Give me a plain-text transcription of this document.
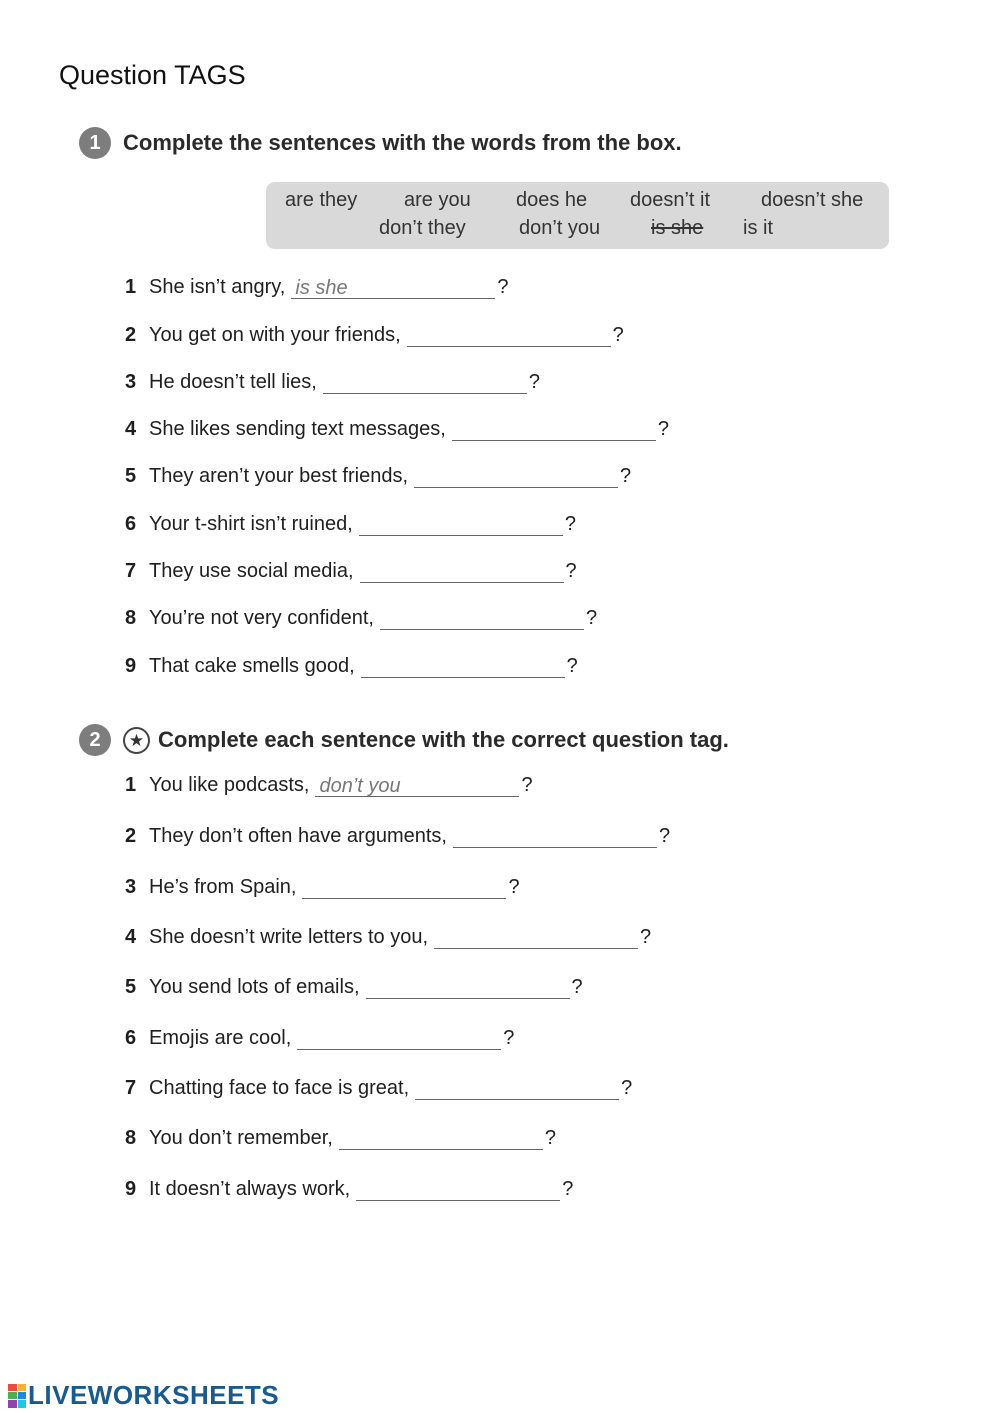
Question TAGS
1	Complete the sentences with the words from the box.
are they are you does he doesn’t it	doesn’t she
don’t they	don’t you	is she is it
1 She isn’t angry, is she	?
2 You get on with your friends,	?
3 He doesn’t tell lies,	?
4 She likes sending text messages,	?
5 They aren’t your best friends,	?
6 Your t-shirt isn’t ruined,	?
7 They use social media,	?
8 You’re not very confident,	?
9 That cake smells good,	?
2	★ Complete each sentence with the correct question tag.
1 You like podcasts, don’t you	?
2 They don’t often have arguments,	?
3 He’s from Spain,	?
4 She doesn’t write letters to you,	?
5 You send lots of emails,	?
6 Emojis are cool,	?
7 Chatting face to face is great,	?
8 You don’t remember,	?
9 It doesn’t always work,	?
LIVEWORKSHEETS
